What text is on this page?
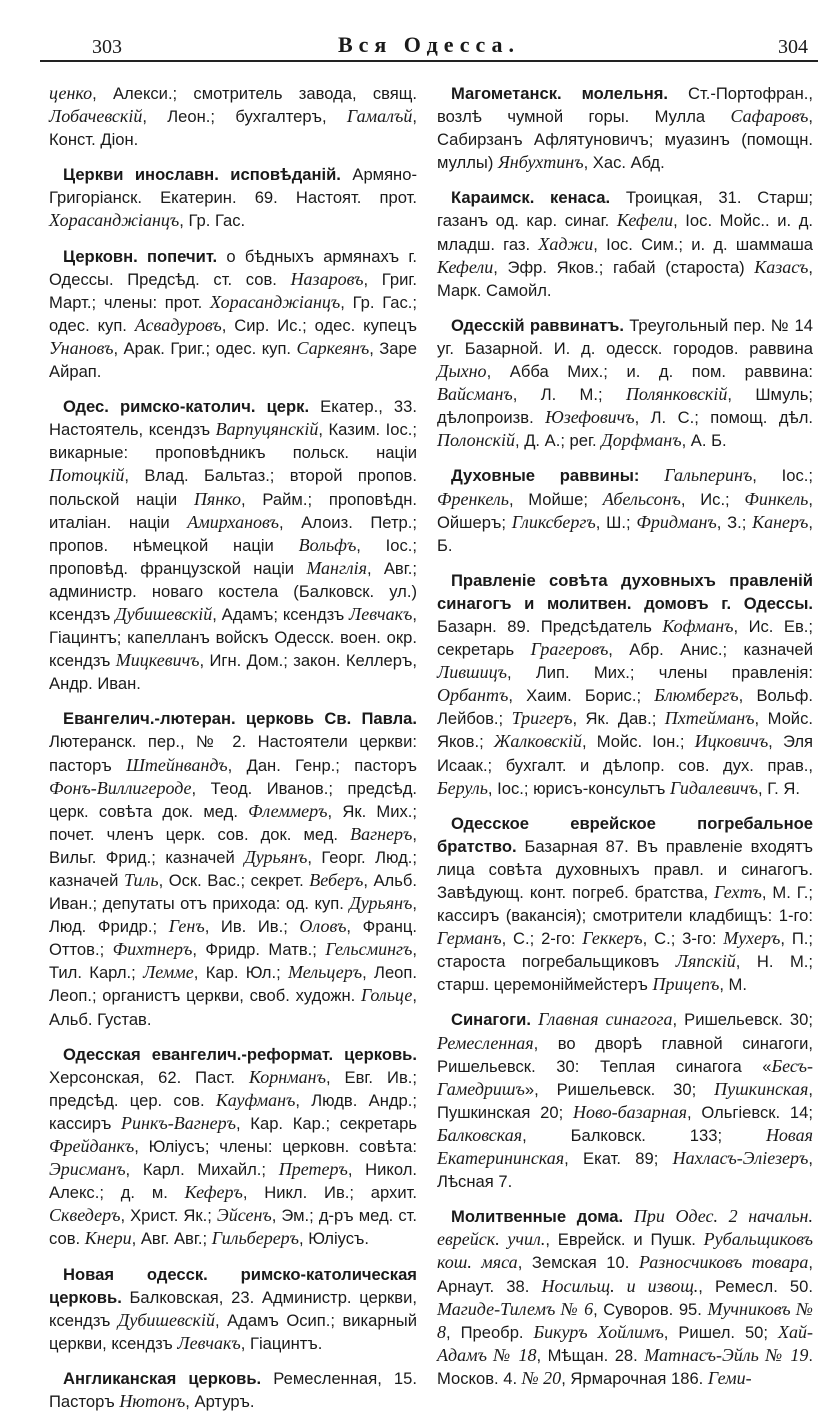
303	Вся Одесса.	304

ценко, Алекси.; смотритель завода, свящ. Лобачевскій, Леон.; бухгалтеръ, Гамалъй, Конст. Діон.

Церкви инославн. исповѣданій. Армяно-Григоріанск. Екатерин. 69. Настоят. прот. Хорасанджіанцъ, Гр. Гас.

Церковн. попечит. о бѣдныхъ армянахъ г. Одессы. Предсѣд. ст. сов. Назаровъ, Григ. Март.; члены: прот. Хорасанджіанцъ, Гр. Гас.; одес. куп. Асвадуровъ, Сир. Ис.; одес. купецъ Унановъ, Арак. Григ.; одес. куп. Саркеянъ, Заре Айрап.

Одес. римско-католич. церк. Екатер., 33. Настоятель, ксендзъ Варпуцянскій, Казим. Іос.; викарные: проповѣдникъ польск. націи Потоцкій, Влад. Бальтаз.; второй пропов. польской націи Пянко, Райм.; проповѣдн. италіан. націи Амирхановъ, Алоиз. Петр.; пропов. нѣмецкой націи Вольфъ, Іос.; проповѣд. французской націи Манглія, Авг.; администр. новаго костела (Балковск. ул.) ксендзъ Дубишевскій, Адамъ; ксендзъ Левчакъ, Гіацинтъ; капелланъ войскъ Одесск. воен. окр. ксендзъ Мицкевичъ, Игн. Дом.; закон. Келлеръ, Андр. Иван.

Евангелич.-лютеран. церковь Св. Павла. Лютеранск. пер., № 2. Настоятели церкви: пасторъ Штейнвандъ, Дан. Генр.; пасторъ Фонъ-Виллигероде, Теод. Иванов.; предсѣд. церк. совѣта док. мед. Флеммеръ, Як. Мих.; почет. членъ церк. сов. док. мед. Вагнеръ, Вильг. Фрид.; казначей Дурьянъ, Георг. Люд.; казначей Тиль, Оск. Вас.; секрет. Веберъ, Альб. Иван.; депутаты отъ прихода: од. куп. Дурьянъ, Люд. Фридр.; Генъ, Ив. Ив.; Оловъ, Франц. Оттов.; Фихтнеръ, Фридр. Матв.; Гельсмингъ, Тил. Карл.; Лемме, Кар. Юл.; Мельцеръ, Леоп. Леоп.; органистъ церкви, своб. художн. Гольце, Альб. Густав.

Одесская евангелич.-реформат. церковь. Херсонская, 62. Паст. Корнманъ, Евг. Ив.; предсѣд. цер. сов. Кауфманъ, Людв. Андр.; кассиръ Ринкъ-Вагнеръ, Кар. Кар.; секретарь Фрейданкъ, Юліусъ; члены: церковн. совѣта: Эрисманъ, Карл. Михайл.; Претеръ, Никол. Алекс.; д. м. Кеферъ, Никл. Ив.; архит. Скведеръ, Христ. Як.; Эйсенъ, Эм.; д-ръ мед. ст. сов. Кнери, Авг. Авг.; Гильбереръ, Юліусъ.

Новая одесск. римско-католическая церковь. Балковская, 23. Администр. церкви, ксендзъ Дубишевскій, Адамъ Осип.; викарный церкви, ксендзъ Левчакъ, Гіацинтъ.

Англиканская церковь. Ремесленная, 15. Пасторъ Нютонъ, Артуръ.

Магометанск. молельня. Ст.-Портофран., возлѣ чумной горы. Мулла Сафаровъ, Сабирзанъ Афлятуновичъ; муазинъ (помощн. муллы) Янбухтинъ, Хас. Абд.

Караимск. кенаса. Троицкая, 31. Старш; газанъ од. кар. синаг. Кефели, Іос. Мойс.. и. д. младш. газ. Хаджи, Іос. Сим.; и. д. шаммаша Кефели, Эфр. Яков.; габай (староста) Казасъ, Марк. Самойл.

Одесскій раввинатъ. Треугольный пер. № 14 уг. Базарной. И. д. одесск. городов. раввина Дыхно, Абба Мих.; и. д. пом. раввина: Вайсманъ, Л. М.; Полянковскій, Шмуль; дѣлопроизв. Юзефовичъ, Л. С.; помощ. дѣл. Полонскій, Д. А.; рег. Дорфманъ, А. Б.

Духовные раввины: Гальперинъ, Іос.; Френкель, Мойше; Абельсонъ, Ис.; Финкель, Ойшеръ; Гликсбергъ, Ш.; Фридманъ, З.; Канеръ, Б.

Правленіе совѣта духовныхъ правленій синагогъ и молитвен. домовъ г. Одессы. Базарн. 89. Предсѣдатель Кофманъ, Ис. Ев.; секретарь Грагеровъ, Абр. Анис.; казначей Лившицъ, Лип. Мих.; члены правленія: Орбантъ, Хаим. Борис.; Блюмбергъ, Вольф. Лейбов.; Тригеръ, Як. Дав.; Пхтейманъ, Мойс. Яков.; Жалковскій, Мойс. Іон.; Ицковичъ, Эля Исаак.; бухгалт. и дѣлопр. сов. дух. прав., Беруль, Іос.; юрисъ-консультъ Гидалевичъ, Г. Я.

Одесское еврейское погребальное братство. Базарная 87. Въ правленіе входятъ лица совѣта духовныхъ правл. и синагогъ. Завѣдующ. конт. погреб. братства, Гехтъ, М. Г.; кассиръ (вакансія); смотрители кладбищъ: 1-го: Германъ, С.; 2-го: Геккеръ, С.; 3-го: Мухеръ, П.; староста погребальщиковъ Ляпскій, Н. М.; старш. церемоніймейстеръ Прицепъ, М.

Синагоги. Главная синагога, Ришельевск. 30; Ремесленная, во дворѣ главной синагоги, Ришельевск. 30: Теплая синагога «Бесъ-Гамедришъ», Ришельевск. 30; Пушкинская, Пушкинская 20; Ново-базарная, Ольгіевск. 14; Балковская, Балковск. 133; Новая Екатерининская, Екат. 89; Нахласъ-Эліезеръ, Лѣсная 7.

Молитвенные дома. При Одес. 2 начальн. еврейск. учил., Еврейск. и Пушк. Рубальщиковъ кош. мяса, Земская 10. Разносчиковъ товара, Арнаут. 38. Носильщ. и извощ., Ремесл. 50. Магиде-Тилемъ № 6, Суворов. 95. Мучниковъ № 8, Преобр. Бикуръ Хойлимъ, Ришел. 50; Хай-Адамъ № 18, Мѣщан. 28. Матнасъ-Эйль № 19. Москов. 4. № 20, Ярмарочная 186. Геми-
